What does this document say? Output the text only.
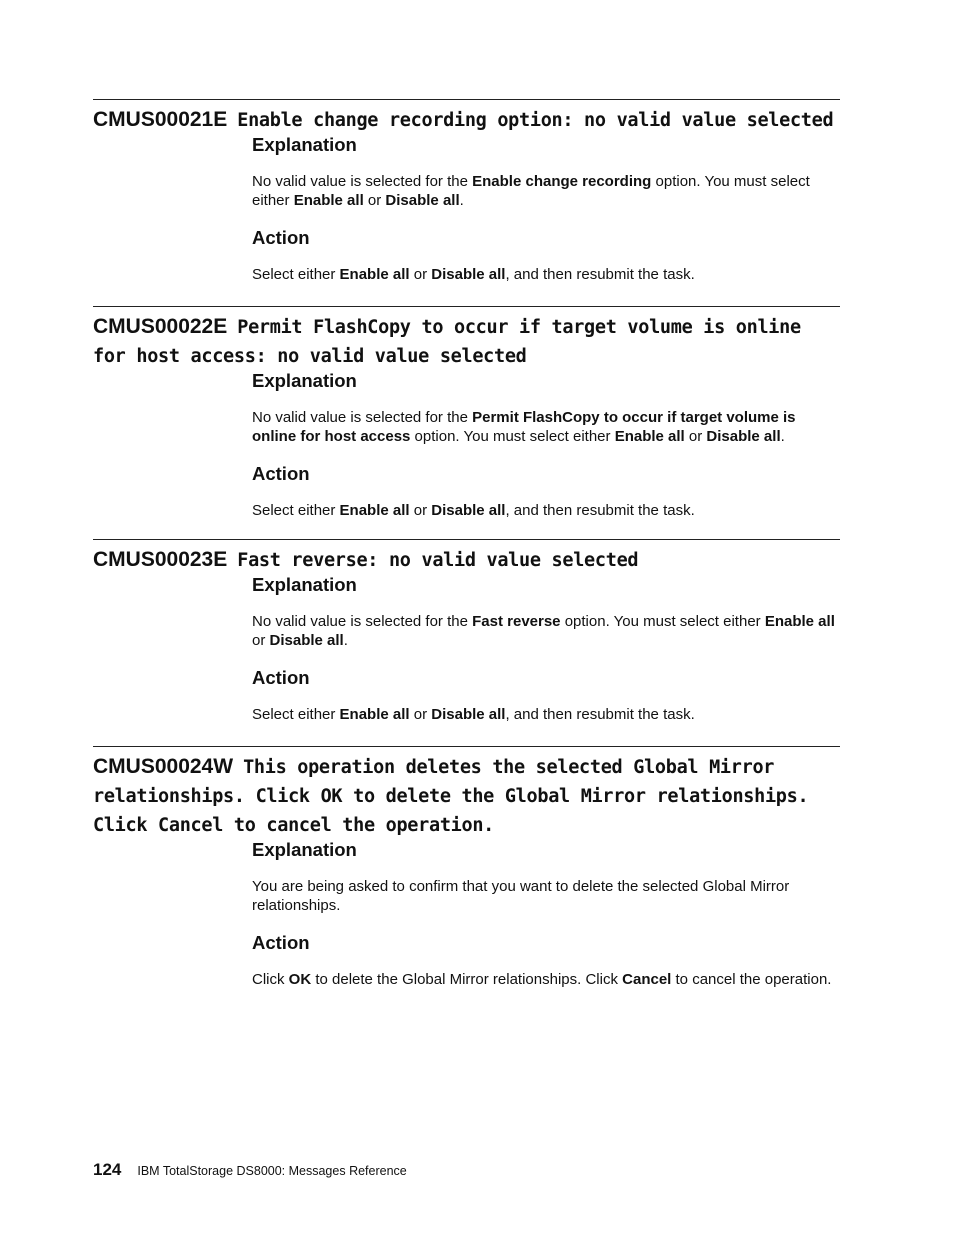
CMUS00021E Enable change recording option: no valid value selected
Explanation

No valid value is selected for the Enable change recording option. You must select either Enable all or Disable all.

Action

Select either Enable all or Disable all, and then resubmit the task.

CMUS00022E Permit FlashCopy to occur if target volume is online for host access: no valid value selected
Explanation

No valid value is selected for the Permit FlashCopy to occur if target volume is online for host access option. You must select either Enable all or Disable all.

Action

Select either Enable all or Disable all, and then resubmit the task.

CMUS00023E Fast reverse: no valid value selected
Explanation

No valid value is selected for the Fast reverse option. You must select either Enable all or Disable all.

Action

Select either Enable all or Disable all, and then resubmit the task.

CMUS00024W This operation deletes the selected Global Mirror relationships. Click OK to delete the Global Mirror relationships. Click Cancel to cancel the operation.
Explanation

You are being asked to confirm that you want to delete the selected Global Mirror relationships.

Action

Click OK to delete the Global Mirror relationships. Click Cancel to cancel the operation.

124 IBM TotalStorage DS8000: Messages Reference
